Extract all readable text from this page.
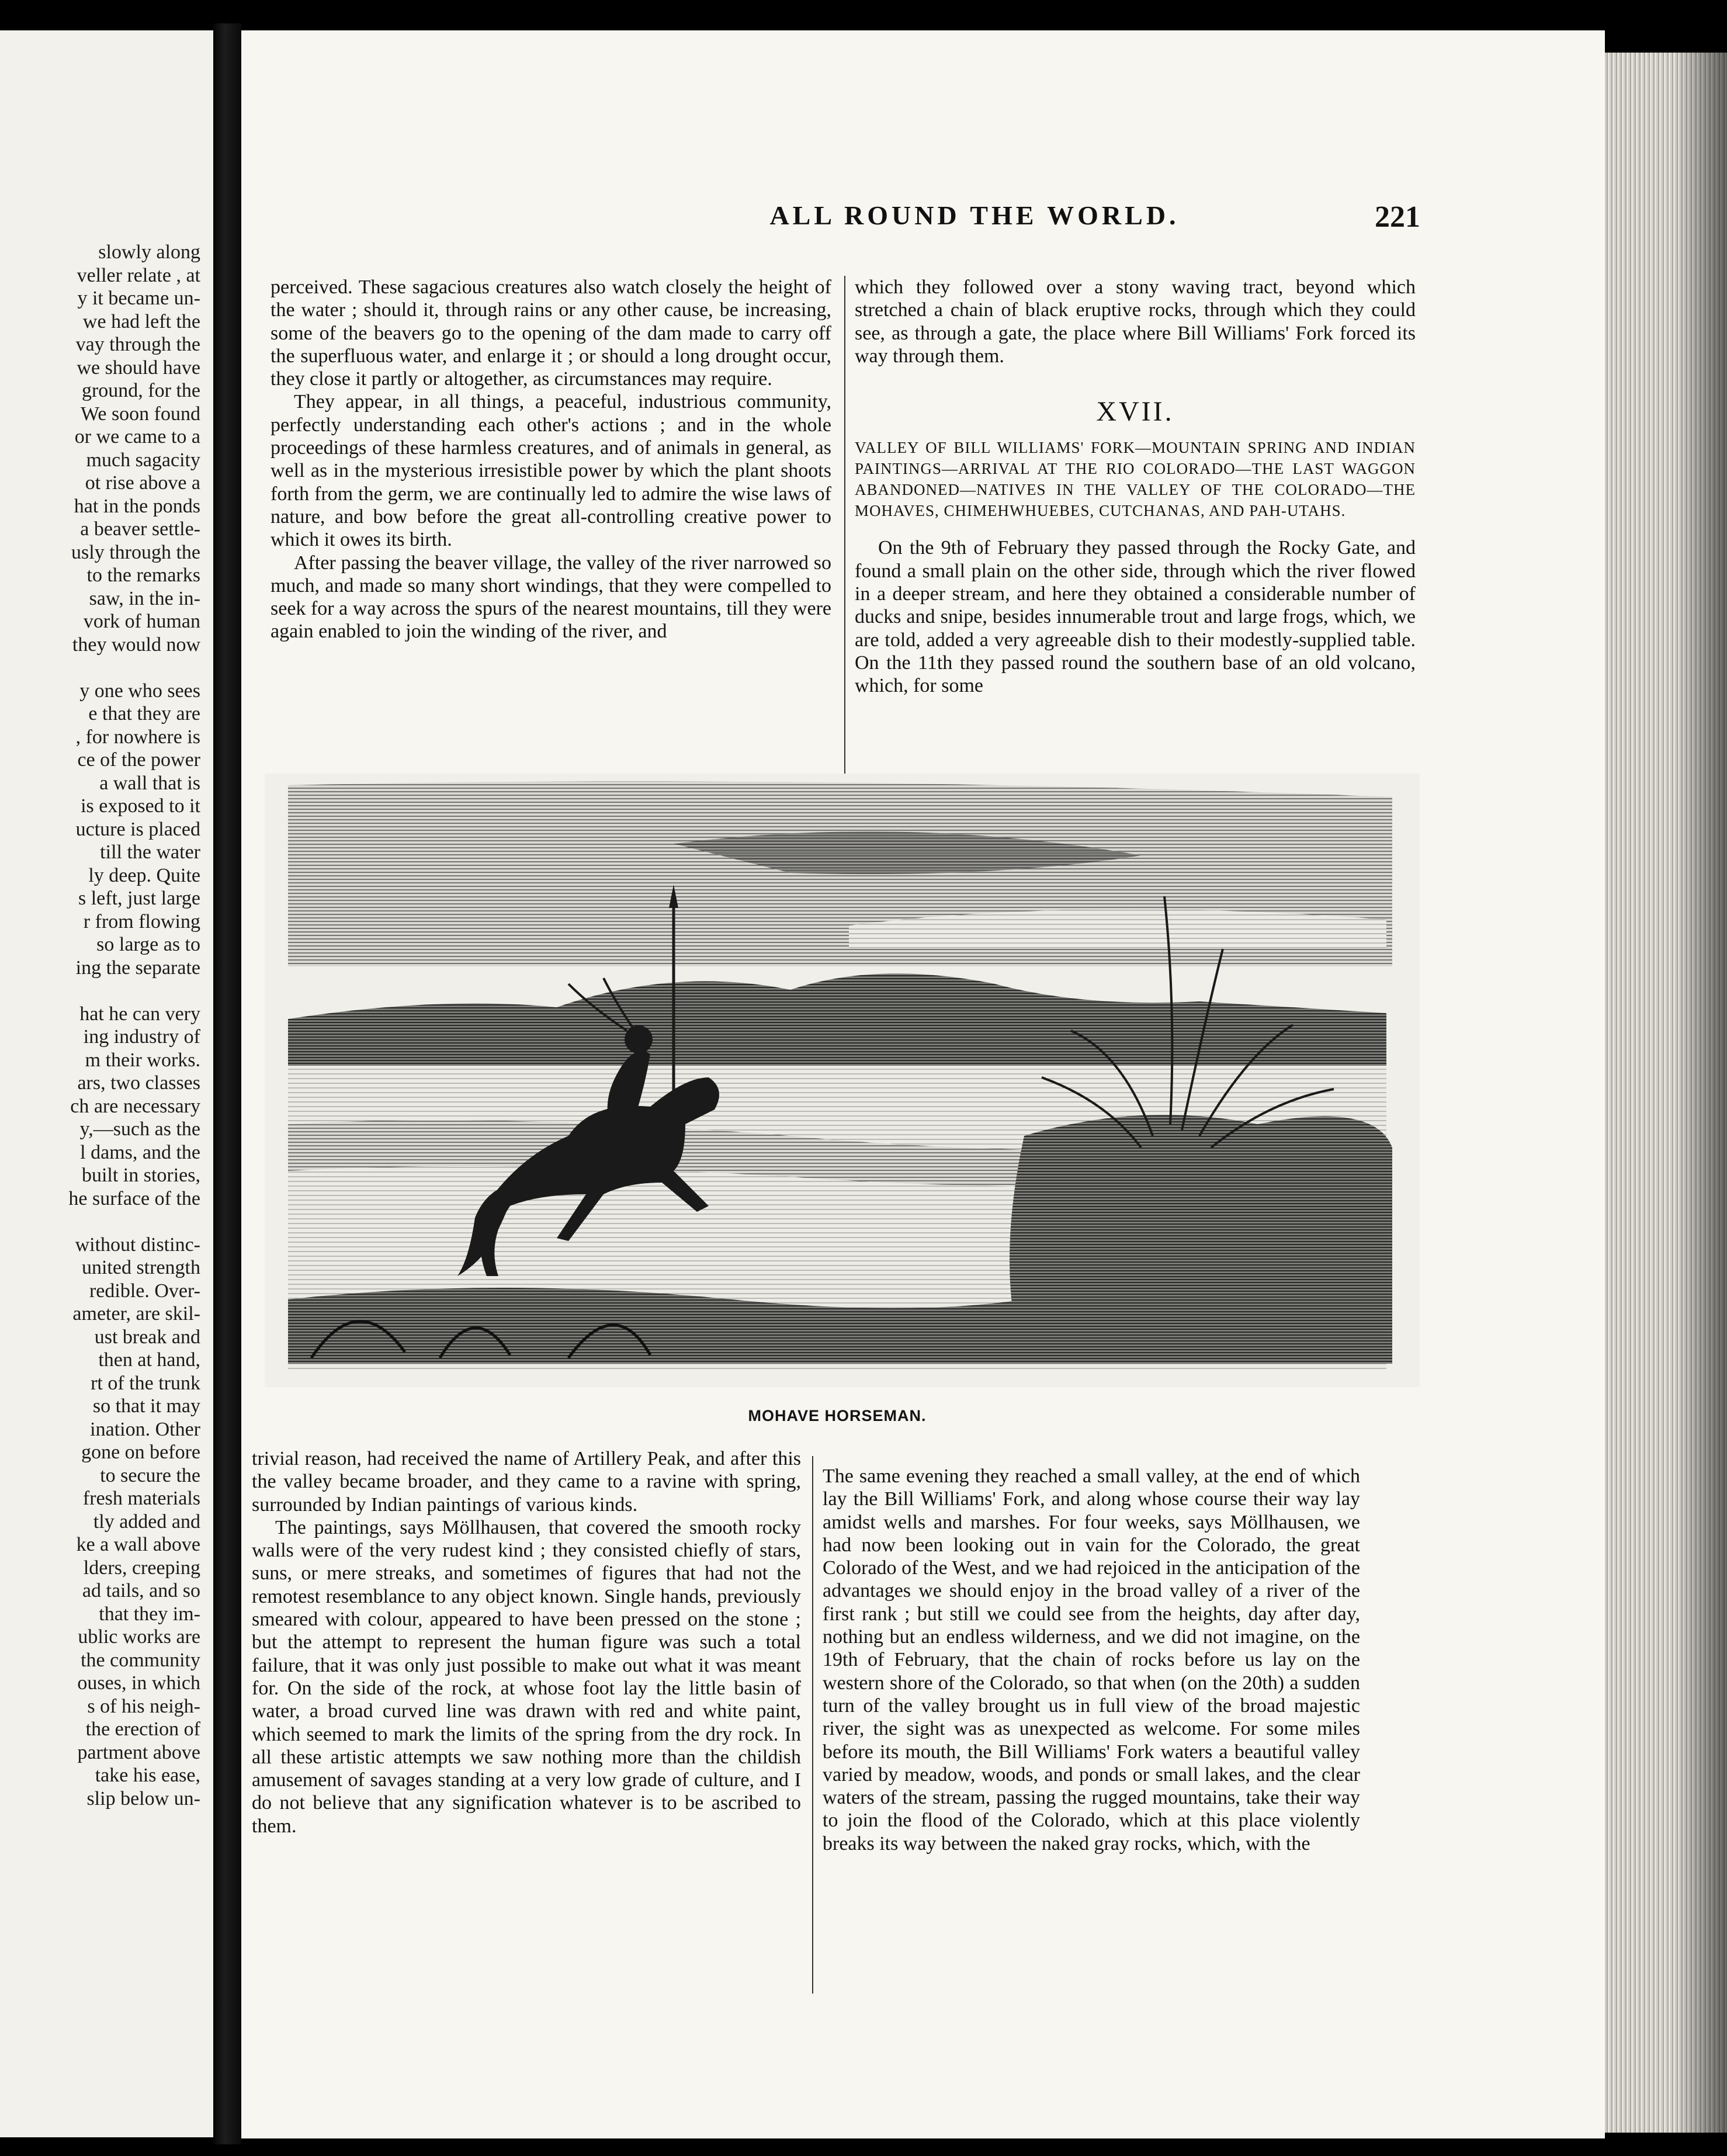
slowly along
veller relate , at
y it became un-
we had left the
vay through the
we should have
ground, for the
We soon found
or we came to a
much sagacity
ot rise above a
hat in the ponds
a beaver settle-
usly through the
to the remarks
saw, in the in-
vork of human
they would now
y one who sees
e that they are
, for nowhere is
ce of the power
a wall that is
is exposed to it
ucture is placed
till the water
ly deep. Quite
s left, just large
r from flowing
so large as to
ing the separate
hat he can very
ing industry of
m their works.
ars, two classes
ch are necessary
y,—such as the
l dams, and the
built in stories,
he surface of the
without distinc-
united strength
redible. Over-
ameter, are skil-
ust break and
then at hand,
rt of the trunk
so that it may
ination. Other
gone on before
to secure the
fresh materials
tly added and
ke a wall above
lders, creeping
ad tails, and so
that they im-
ublic works are
the community
ouses, in which
s of his neigh-
the erection of
partment above
take his ease,
slip below un-
ALL ROUND THE WORLD.	221

perceived. These sagacious creatures also watch closely the height of the water ; should it, through rains or any other cause, be increasing, some of the beavers go to the opening of the dam made to carry off the superfluous water, and enlarge it ; or should a long drought occur, they close it partly or altogether, as circumstances may require.

They appear, in all things, a peaceful, industrious community, perfectly understanding each other's actions ; and in the whole proceedings of these harmless creatures, and of animals in general, as well as in the mysterious irresistible power by which the plant shoots forth from the germ, we are continually led to admire the wise laws of nature, and bow before the great all-controlling creative power to which it owes its birth.

After passing the beaver village, the valley of the river narrowed so much, and made so many short windings, that they were compelled to seek for a way across the spurs of the nearest mountains, till they were again enabled to join the winding of the river, and

which they followed over a stony waving tract, beyond which stretched a chain of black eruptive rocks, through which they could see, as through a gate, the place where Bill Williams' Fork forced its way through them.

XVII.
VALLEY OF BILL WILLIAMS' FORK—MOUNTAIN SPRING AND INDIAN PAINTINGS—ARRIVAL AT THE RIO COLORADO—THE LAST WAGGON ABANDONED—NATIVES IN THE VALLEY OF THE COLORADO—THE MOHAVES, CHIMEHWHUEBES, CUTCHANAS, AND PAH-UTAHS.

On the 9th of February they passed through the Rocky Gate, and found a small plain on the other side, through which the river flowed in a deeper stream, and here they obtained a considerable number of ducks and snipe, besides innumerable trout and large frogs, which, we are told, added a very agreeable dish to their modestly-supplied table. On the 11th they passed round the southern base of an old volcano, which, for some

MOHAVE HORSEMAN.

trivial reason, had received the name of Artillery Peak, and after this the valley became broader, and they came to a ravine with spring, surrounded by Indian paintings of various kinds.

The paintings, says Möllhausen, that covered the smooth rocky walls were of the very rudest kind ; they consisted chiefly of stars, suns, or mere streaks, and sometimes of figures that had not the remotest resemblance to any object known. Single hands, previously smeared with colour, appeared to have been pressed on the stone ; but the attempt to represent the human figure was such a total failure, that it was only just possible to make out what it was meant for. On the side of the rock, at whose foot lay the little basin of water, a broad curved line was drawn with red and white paint, which seemed to mark the limits of the spring from the dry rock. In all these artistic attempts we saw nothing more than the childish amusement of savages standing at a very low grade of culture, and I do not believe that any signification whatever is to be ascribed to them.

The same evening they reached a small valley, at the end of which lay the Bill Williams' Fork, and along whose course their way lay amidst wells and marshes. For four weeks, says Möllhausen, we had now been looking out in vain for the Colorado, the great Colorado of the West, and we had rejoiced in the anticipation of the advantages we should enjoy in the broad valley of a river of the first rank ; but still we could see from the heights, day after day, nothing but an endless wilderness, and we did not imagine, on the 19th of February, that the chain of rocks before us lay on the western shore of the Colorado, so that when (on the 20th) a sudden turn of the valley brought us in full view of the broad majestic river, the sight was as unexpected as welcome. For some miles before its mouth, the Bill Williams' Fork waters a beautiful valley varied by meadow, woods, and ponds or small lakes, and the clear waters of the stream, passing the rugged mountains, take their way to join the flood of the Colorado, which at this place violently breaks its way between the naked gray rocks, which, with the
